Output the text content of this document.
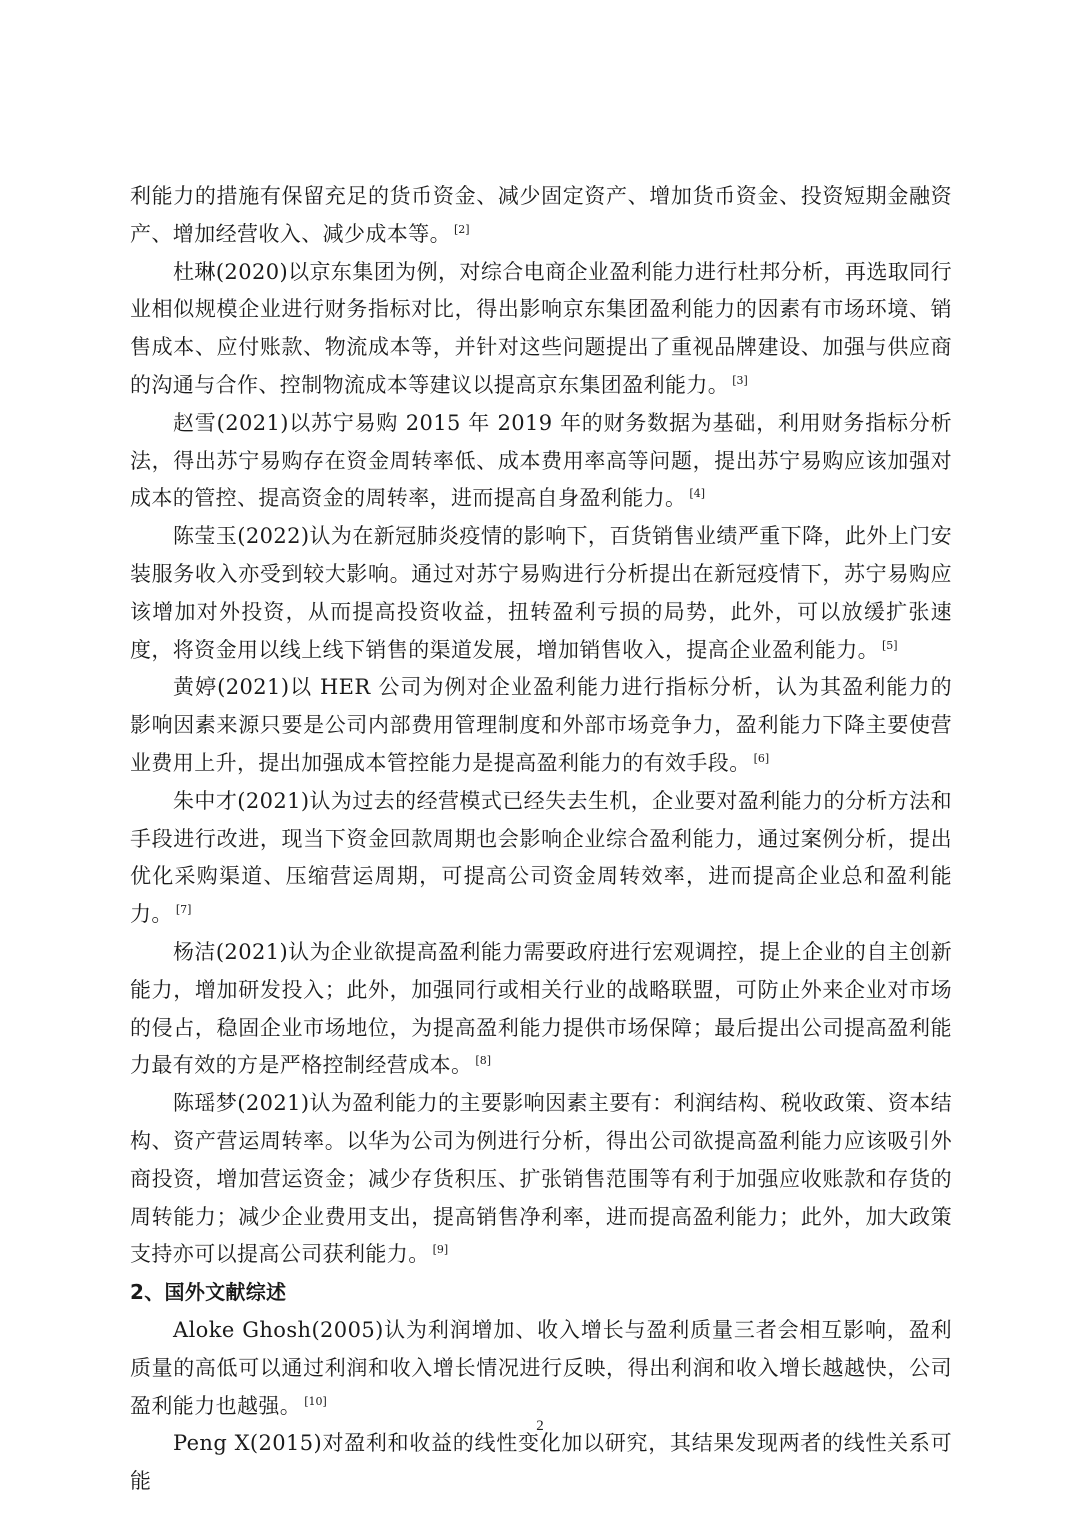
利能力的措施有保留充足的货币资金、减少固定资产、增加货币资金、投资短期金融资产、增加经营收入、减少成本等。 [2]

杜琳(2020)以京东集团为例，对综合电商企业盈利能力进行杜邦分析，再选取同行业相似规模企业进行财务指标对比，得出影响京东集团盈利能力的因素有市场环境、销售成本、应付账款、物流成本等，并针对这些问题提出了重视品牌建设、加强与供应商的沟通与合作、控制物流成本等建议以提高京东集团盈利能力。 [3]

赵雪(2021)以苏宁易购 2015 年 2019 年的财务数据为基础，利用财务指标分析法，得出苏宁易购存在资金周转率低、成本费用率高等问题，提出苏宁易购应该加强对成本的管控、提高资金的周转率，进而提高自身盈利能力。 [4]

陈莹玉(2022)认为在新冠肺炎疫情的影响下，百货销售业绩严重下降，此外上门安装服务收入亦受到较大影响。通过对苏宁易购进行分析提出在新冠疫情下，苏宁易购应该增加对外投资，从而提高投资收益，扭转盈利亏损的局势，此外，可以放缓扩张速度，将资金用以线上线下销售的渠道发展，增加销售收入，提高企业盈利能力。 [5]

黄婷(2021)以 HER 公司为例对企业盈利能力进行指标分析，认为其盈利能力的影响因素来源只要是公司内部费用管理制度和外部市场竞争力，盈利能力下降主要使营业费用上升，提出加强成本管控能力是提高盈利能力的有效手段。 [6]

朱中才(2021)认为过去的经营模式已经失去生机，企业要对盈利能力的分析方法和手段进行改进，现当下资金回款周期也会影响企业综合盈利能力，通过案例分析，提出优化采购渠道、压缩营运周期，可提高公司资金周转效率，进而提高企业总和盈利能力。 [7]

杨洁(2021)认为企业欲提高盈利能力需要政府进行宏观调控，提上企业的自主创新能力，增加研发投入；此外，加强同行或相关行业的战略联盟，可防止外来企业对市场的侵占，稳固企业市场地位，为提高盈利能力提供市场保障；最后提出公司提高盈利能力最有效的方是严格控制经营成本。 [8]

陈瑶梦(2021)认为盈利能力的主要影响因素主要有：利润结构、税收政策、资本结构、资产营运周转率。以华为公司为例进行分析，得出公司欲提高盈利能力应该吸引外商投资，增加营运资金；减少存货积压、扩张销售范围等有利于加强应收账款和存货的周转能力；减少企业费用支出，提高销售净利率，进而提高盈利能力；此外，加大政策支持亦可以提高公司获利能力。 [9]

2、国外文献综述

Aloke Ghosh(2005)认为利润增加、收入增长与盈利质量三者会相互影响，盈利质量的高低可以通过利润和收入增长情况进行反映，得出利润和收入增长越越快，公司盈利能力也越强。 [10]

Peng X(2015)对盈利和收益的线性变化加以研究，其结果发现两者的线性关系可能

2
